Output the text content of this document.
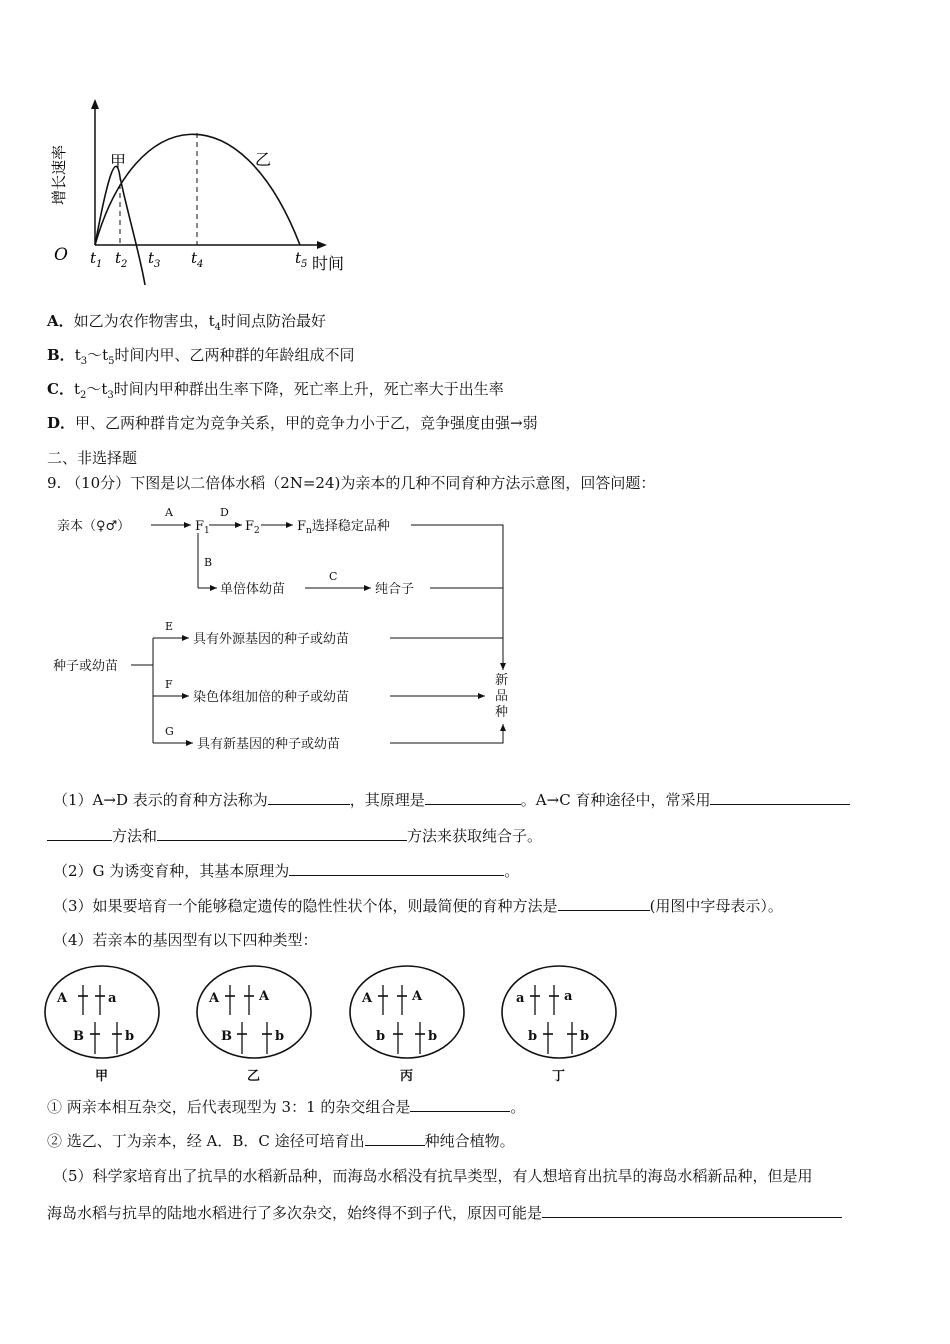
增长速率
O
甲	乙
$t_1$ $t_2$ $t_3$ $t_4$	$t_5$ 时间
A．如乙为农作物害虫，$t_4$时间点防治最好
B．$t_3\sim t_5$时间内甲、乙两种群的年龄组成不同
C．$t_2\sim t_3$时间内甲种群出生率下降，死亡率上升，死亡率大于出生率
D．甲、乙两种群肯定为竞争关系，甲的竞争力小于乙，竞争强度由强→弱
二、非选择题
9. （10分）下图是以二倍体水稻（2N=24)为亲本的几种不同育种方法示意图，回答问题：
亲本（♀♂）
A
$F_1$
D
$F_2$	$F_n$选择稳定品种
B
单倍体幼苗
C
纯合子
种子或幼苗
E
具有外源基因的种子或幼苗
F
染色体组加倍的种子或幼苗
G
具有新基因的种子或幼苗
新
品
种
（1）A→D 表示的育种方法称为	，其原理是	。A→C 育种途径中，常采用
方法和	方法来获取纯合子。
（2）G 为诱变育种，其基本原理为	。
（3）如果要培育一个能够稳定遗传的隐性性状个体，则最简便的育种方法是	(用图中字母表示）。
（4）若亲本的基因型有以下四种类型：
A	a
B	b
甲
A	A
B	b
乙
A	A
b	b
丙
a	a
b	b
丁
① 两亲本相互杂交，后代表现型为 3：1 的杂交组合是	。
② 选乙、丁为亲本，经 A．B．C 途径可培育出	种纯合植物。
（5）科学家培育出了抗旱的水稻新品种，而海岛水稻没有抗旱类型，有人想培育出抗旱的海岛水稻新品种，但是用
海岛水稻与抗旱的陆地水稻进行了多次杂交，始终得不到子代，原因可能是
